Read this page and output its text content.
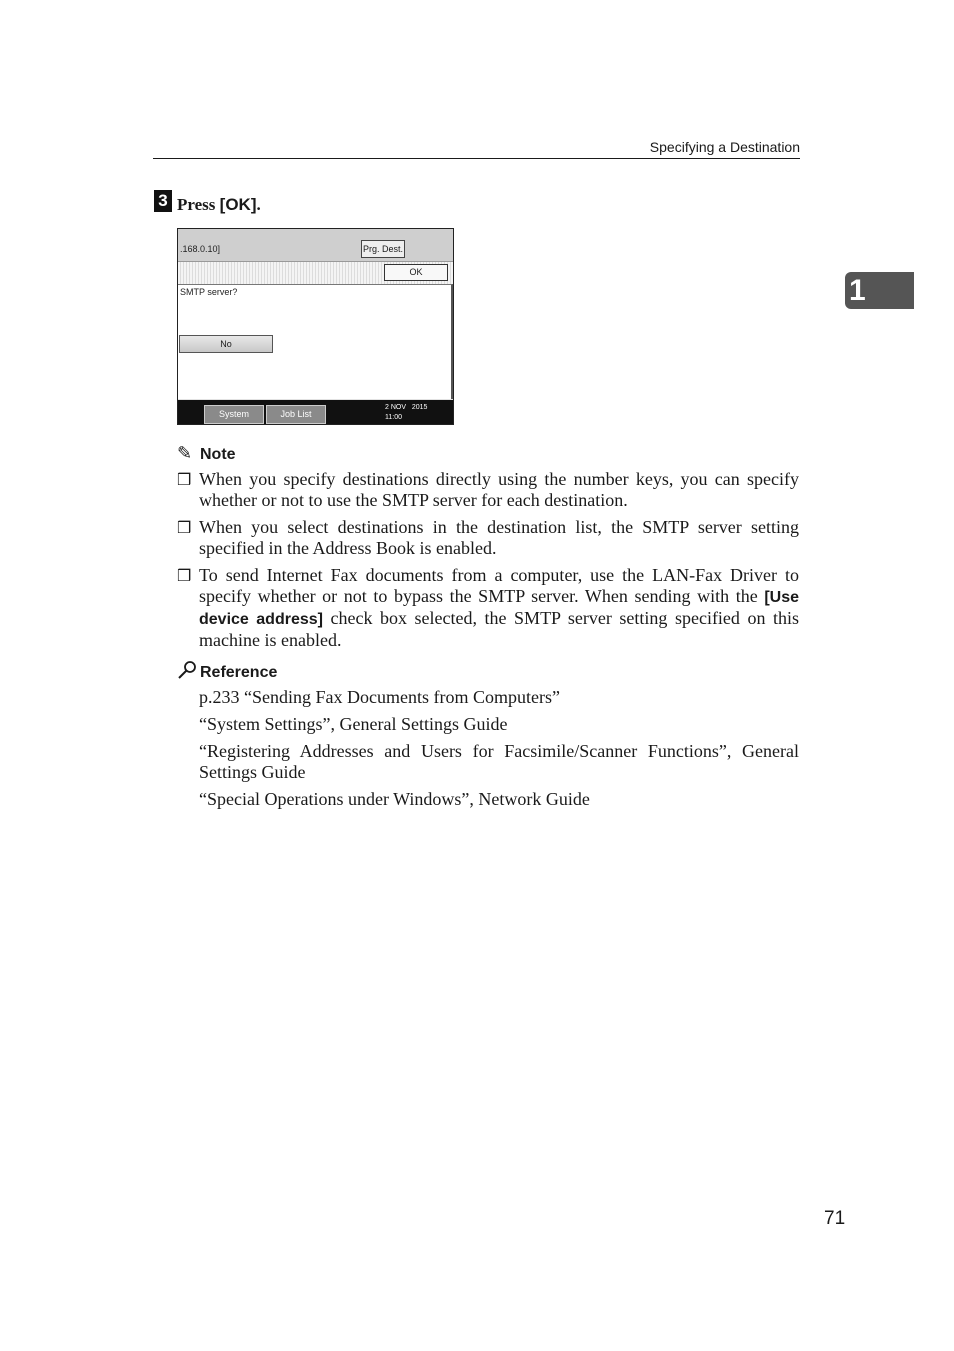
Specifying a Destination
1
3 Press [OK].
.168.0.10]	Prg. Dest.
OK
SMTP server?
No
System Status
Job List
2 NOV   2015
11:00
✎ Note
❒ When you specify destinations directly using the number keys, you can specify whether or not to use the SMTP server for each destination.
❒ When you select destinations in the destination list, the SMTP server setting specified in the Address Book is enabled.
❒ To send Internet Fax documents from a computer, use the LAN-Fax Driver to specify whether or not to bypass the SMTP server. When sending with the [Use device address] check box selected, the SMTP server setting specified on this machine is enabled.
Reference
p.233 “Sending Fax Documents from Computers”
“System Settings”, General Settings Guide
“Registering Addresses and Users for Facsimile/Scanner Functions”, General Settings Guide
“Special Operations under Windows”, Network Guide
71
